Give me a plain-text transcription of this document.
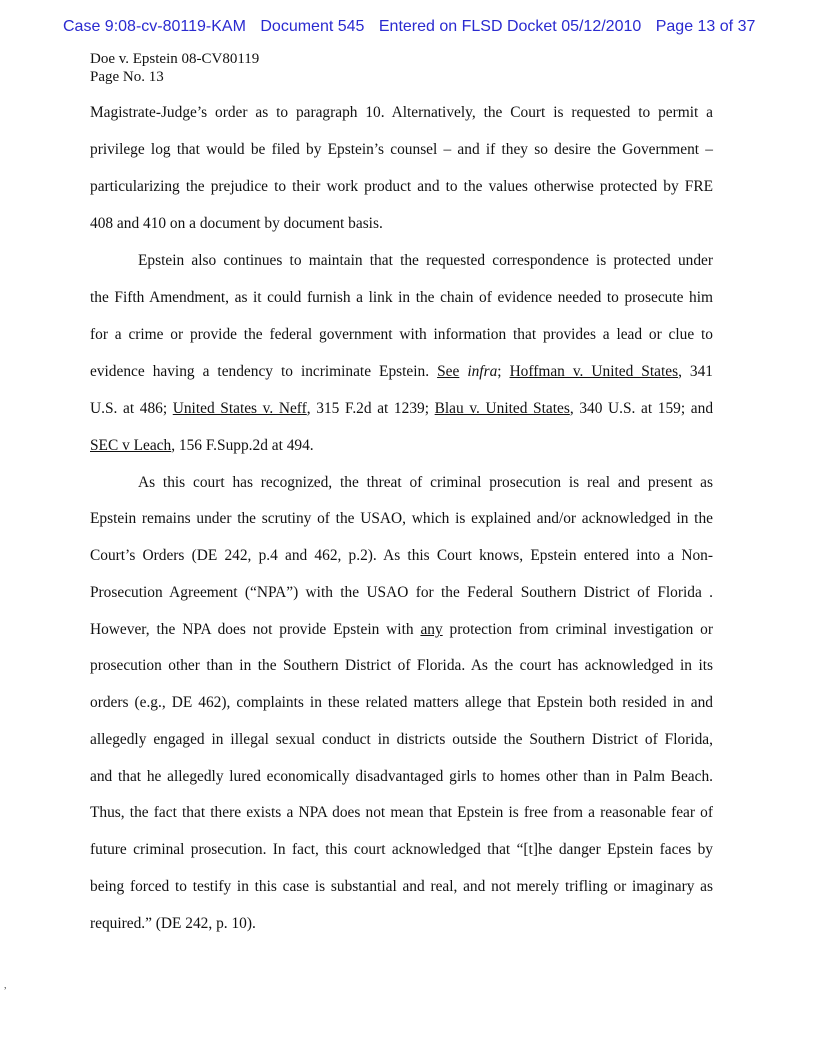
Case 9:08-cv-80119-KAM Document 545 Entered on FLSD Docket 05/12/2010 Page 13 of 37
Doe v. Epstein 08-CV80119
Page No. 13
Magistrate-Judge’s order as to paragraph 10. Alternatively, the Court is requested to permit a
privilege log that would be filed by Epstein’s counsel – and if they so desire the Government –
particularizing the prejudice to their work product and to the values otherwise protected by FRE
408 and 410 on a document by document basis.
Epstein also continues to maintain that the requested correspondence is protected under
the Fifth Amendment, as it could furnish a link in the chain of evidence needed to prosecute him
for a crime or provide the federal government with information that provides a lead or clue to
evidence having a tendency to incriminate Epstein. See infra; Hoffman v. United States, 341
U.S. at 486; United States v. Neff, 315 F.2d at 1239; Blau v. United States, 340 U.S. at 159; and
SEC v Leach, 156 F.Supp.2d at 494.
As this court has recognized, the threat of criminal prosecution is real and present as
Epstein remains under the scrutiny of the USAO, which is explained and/or acknowledged in the
Court’s Orders (DE 242, p.4 and 462, p.2). As this Court knows, Epstein entered into a Non-
Prosecution Agreement (“NPA”) with the USAO for the Federal Southern District of Florida .
However, the NPA does not provide Epstein with any protection from criminal investigation or
prosecution other than in the Southern District of Florida. As the court has acknowledged in its
orders (e.g., DE 462), complaints in these related matters allege that Epstein both resided in and
allegedly engaged in illegal sexual conduct in districts outside the Southern District of Florida,
and that he allegedly lured economically disadvantaged girls to homes other than in Palm Beach.
Thus, the fact that there exists a NPA does not mean that Epstein is free from a reasonable fear of
future criminal prosecution. In fact, this court acknowledged that “[t]he danger Epstein faces by
being forced to testify in this case is substantial and real, and not merely trifling or imaginary as
required.” (DE 242, p. 10).
,
